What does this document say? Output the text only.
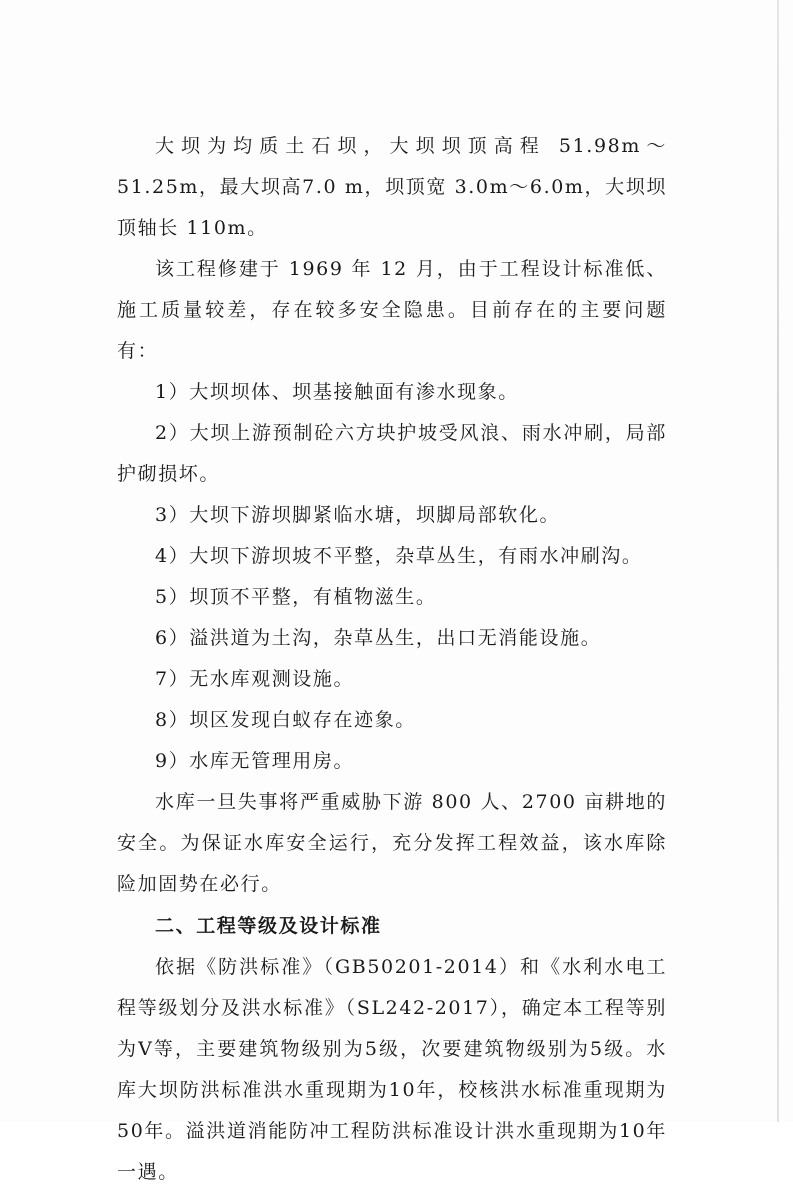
大坝为均质土石坝，大坝坝顶高程 51.98m～51.25m，最大坝高7.0 m，坝顶宽 3.0m～6.0m，大坝坝顶轴长 110m。

该工程修建于 1969 年 12 月，由于工程设计标准低、施工质量较差，存在较多安全隐患。目前存在的主要问题有：

1）大坝坝体、坝基接触面有渗水现象。

2）大坝上游预制砼六方块护坡受风浪、雨水冲刷，局部护砌损坏。

3）大坝下游坝脚紧临水塘，坝脚局部软化。

4）大坝下游坝坡不平整，杂草丛生，有雨水冲刷沟。

5）坝顶不平整，有植物滋生。

6）溢洪道为土沟，杂草丛生，出口无消能设施。

7）无水库观测设施。

8）坝区发现白蚁存在迹象。

9）水库无管理用房。

水库一旦失事将严重威胁下游 800 人、2700 亩耕地的安全。为保证水库安全运行，充分发挥工程效益，该水库除险加固势在必行。

二、工程等级及设计标准

依据《防洪标准》（GB50201-2014）和《水利水电工程等级划分及洪水标准》（SL242-2017），确定本工程等别为Ⅴ等，主要建筑物级别为5级，次要建筑物级别为5级。水库大坝防洪标准洪水重现期为10年，校核洪水标准重现期为50年。溢洪道消能防冲工程防洪标准设计洪水重现期为10年一遇。
